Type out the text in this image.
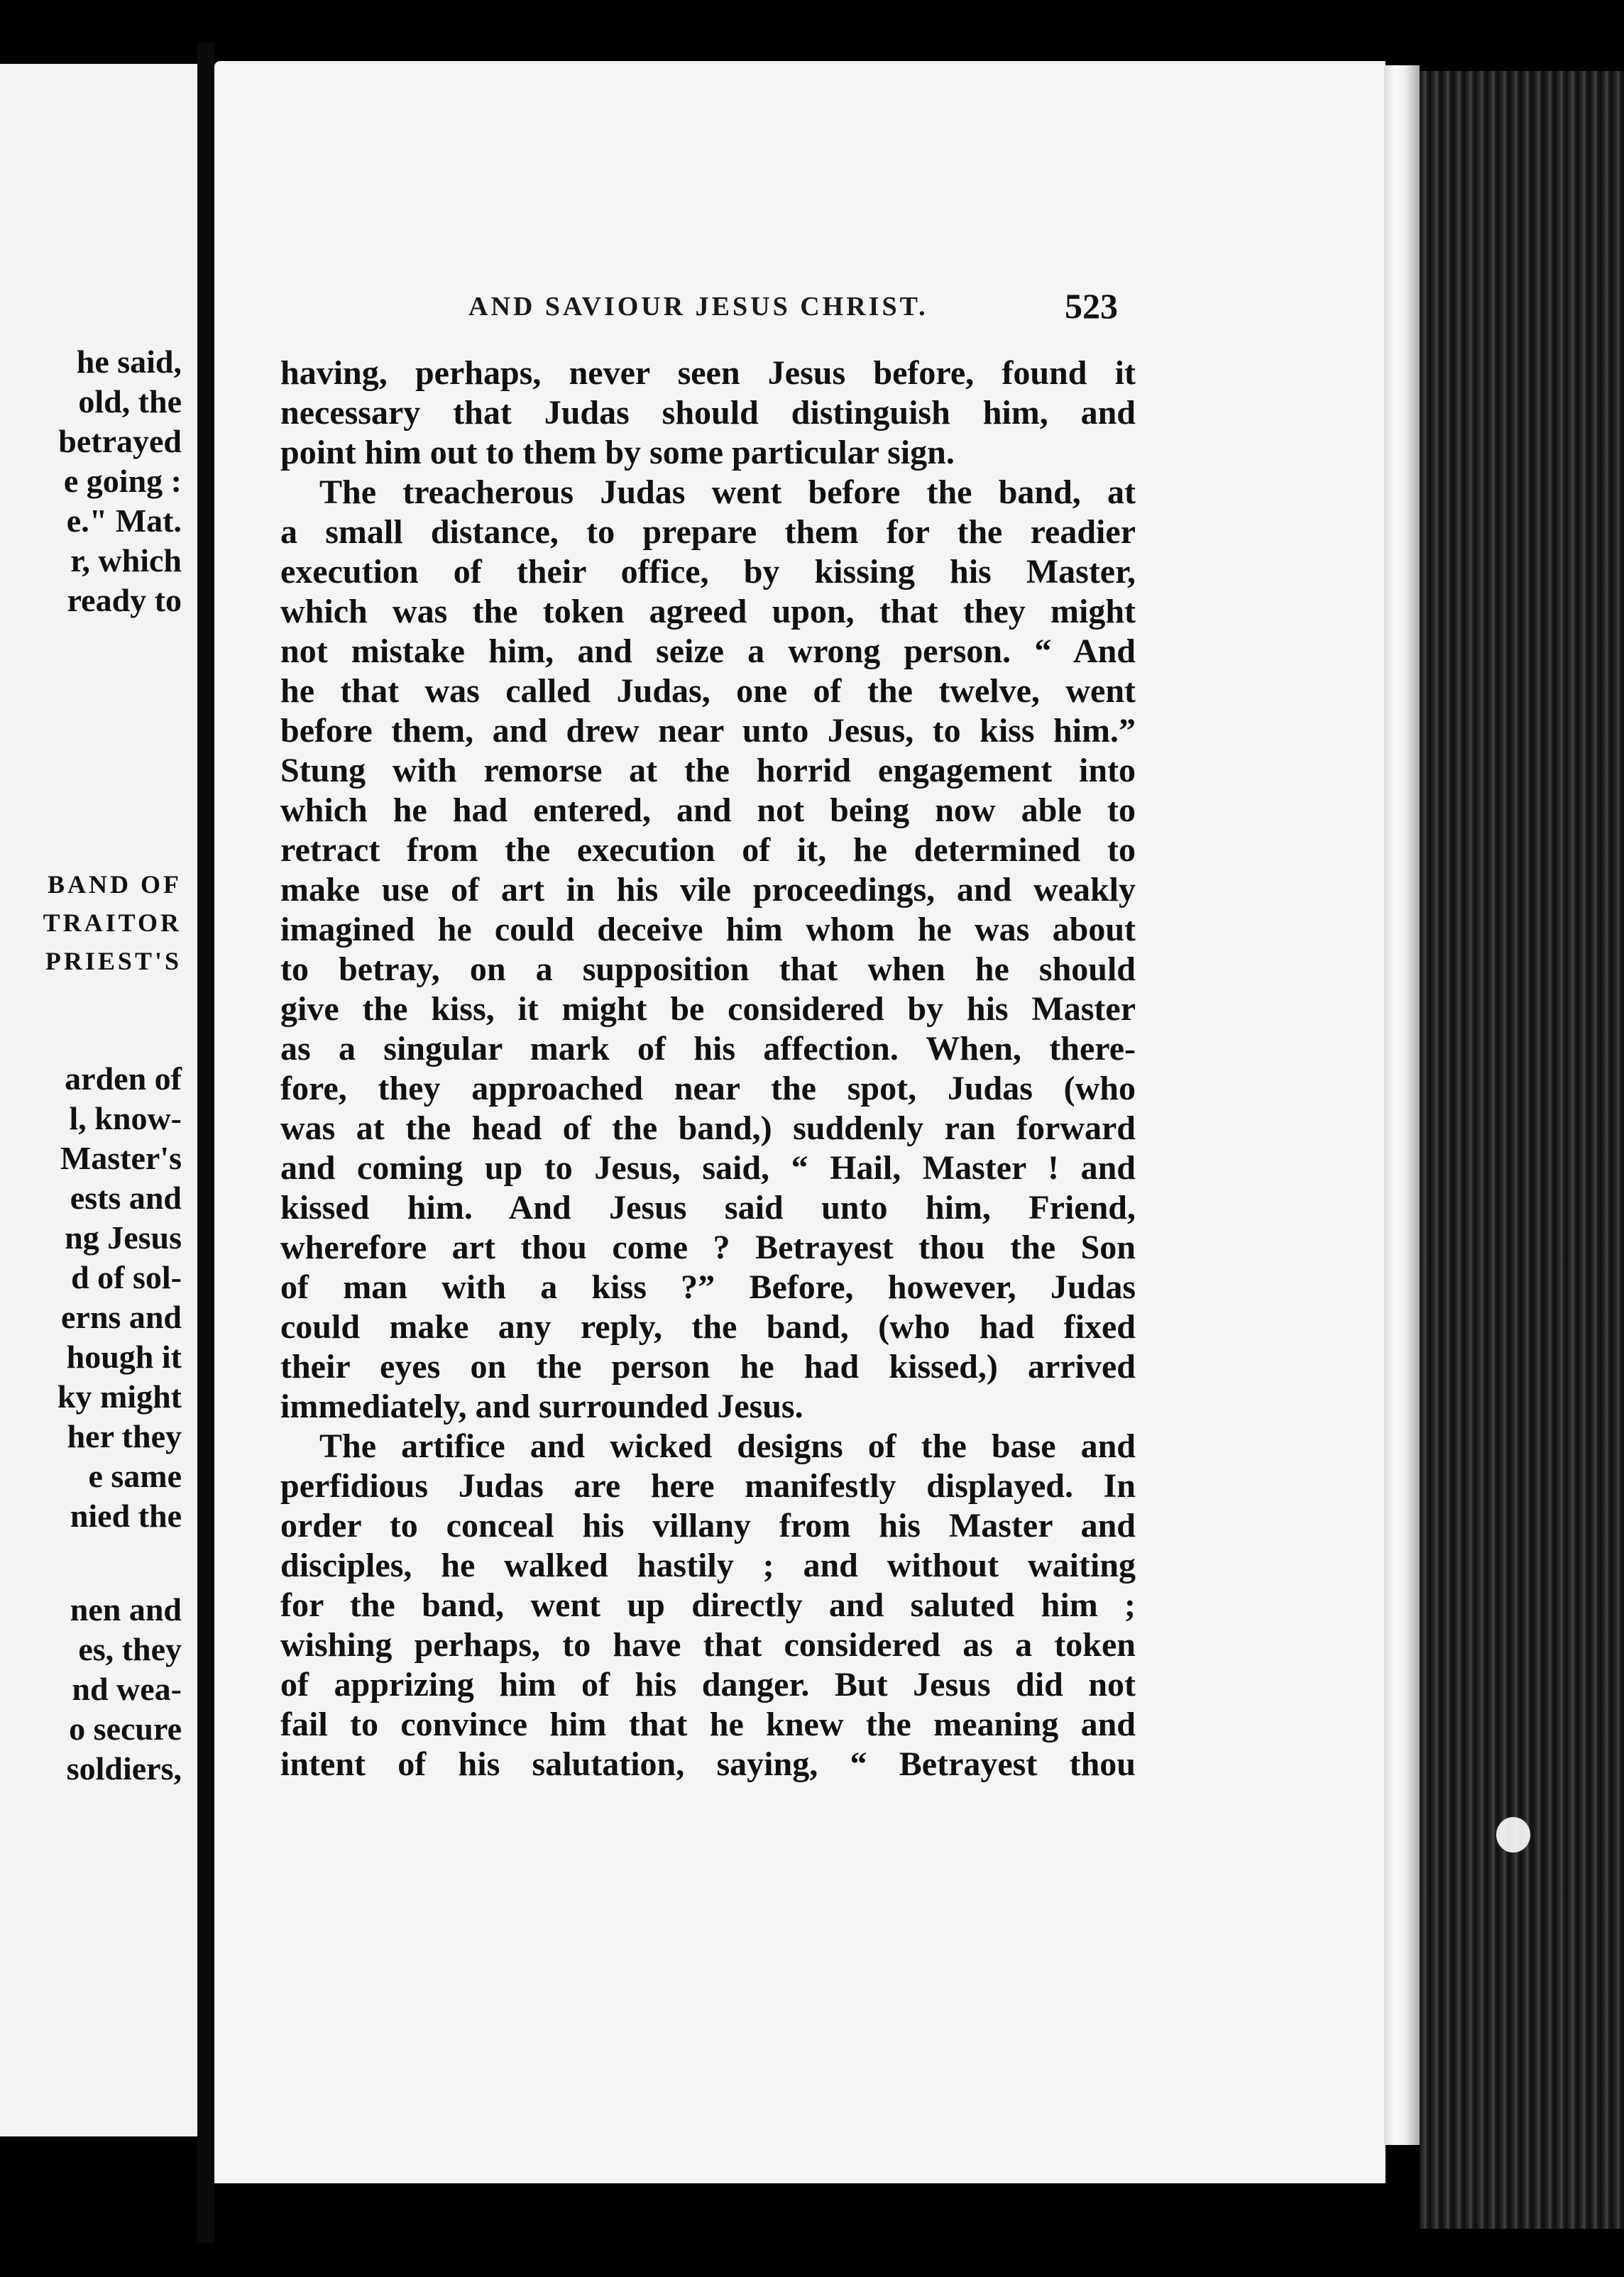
he said,
old, the
betrayed
e going :
e." Mat.
r, which
ready to
BAND OF
TRAITOR
PRIEST'S
arden of
l, know-
Master's
ests and
ng Jesus
d of sol-
erns and
hough it
ky might
her they
e same
nied the
nen and
es, they
nd wea-
o secure
soldiers,
AND SAVIOUR JESUS CHRIST.	523
having, perhaps, never seen Jesus before, found it
necessary that Judas should distinguish him, and
point him out to them by some particular sign.
The treacherous Judas went before the band, at
a small distance, to prepare them for the readier
execution of their office, by kissing his Master,
which was the token agreed upon, that they might
not mistake him, and seize a wrong person. “ And
he that was called Judas, one of the twelve, went
before them, and drew near unto Jesus, to kiss him.”
Stung with remorse at the horrid engagement into
which he had entered, and not being now able to
retract from the execution of it, he determined to
make use of art in his vile proceedings, and weakly
imagined he could deceive him whom he was about
to betray, on a supposition that when he should
give the kiss, it might be considered by his Master
as a singular mark of his affection. When, there-
fore, they approached near the spot, Judas (who
was at the head of the band,) suddenly ran forward
and coming up to Jesus, said, “ Hail, Master ! and
kissed him. And Jesus said unto him, Friend,
wherefore art thou come ? Betrayest thou the Son
of man with a kiss ?” Before, however, Judas
could make any reply, the band, (who had fixed
their eyes on the person he had kissed,) arrived
immediately, and surrounded Jesus.
The artifice and wicked designs of the base and
perfidious Judas are here manifestly displayed. In
order to conceal his villany from his Master and
disciples, he walked hastily ; and without waiting
for the band, went up directly and saluted him ;
wishing perhaps, to have that considered as a token
of apprizing him of his danger. But Jesus did not
fail to convince him that he knew the meaning and
intent of his salutation, saying, “ Betrayest thou
